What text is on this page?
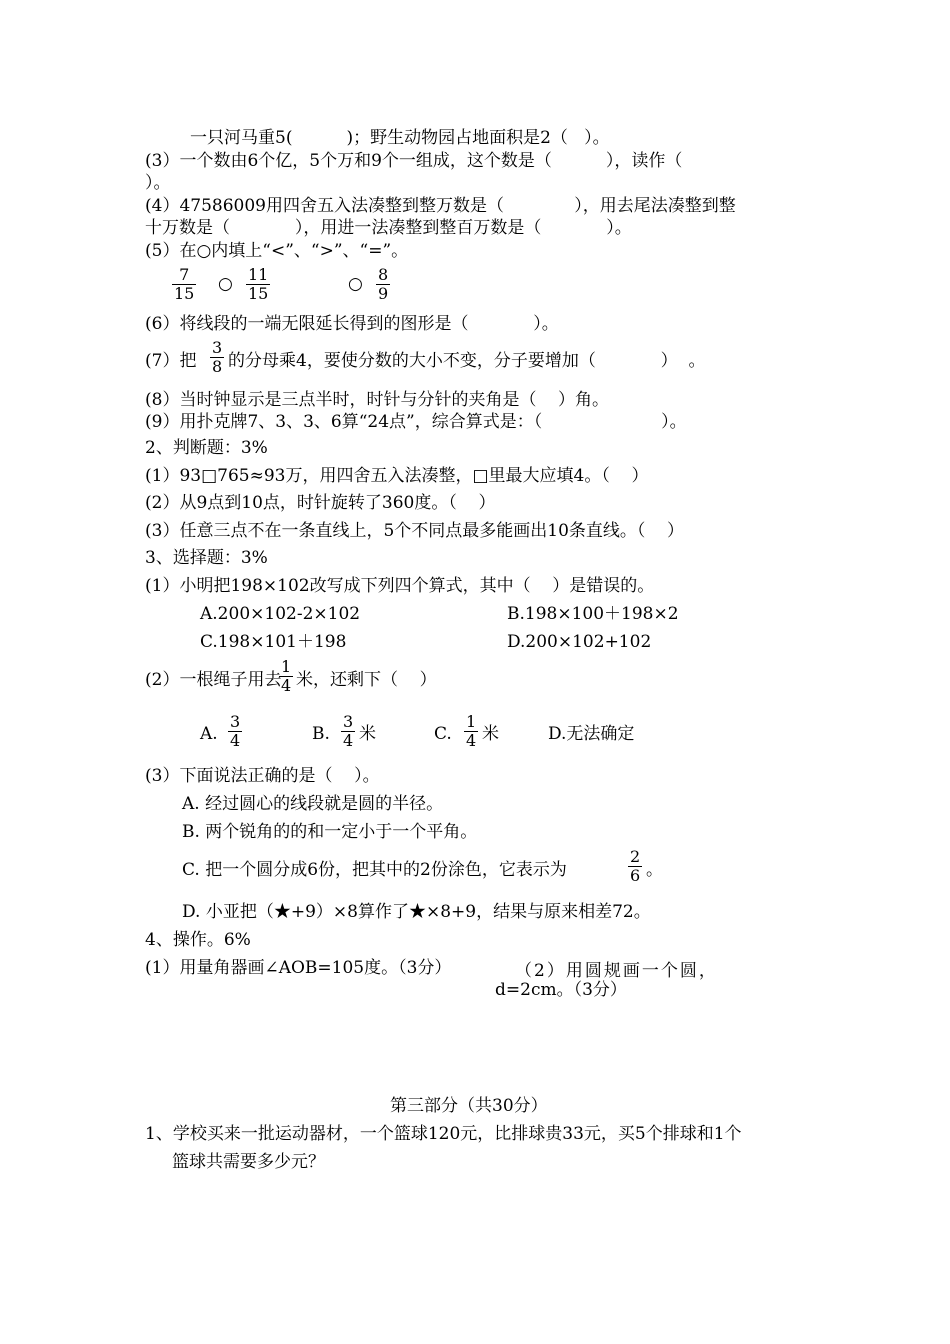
一只河马重5(          )；野生动物园占地面积是2（   ）。
(3）一个数由6个亿，5个万和9个一组成，这个数是（          ），读作（
）。
(4）47586009用四舍五入法凑整到整万数是（             ），用去尾法凑整到整
十万数是（            ），用进一法凑整到整百万数是（            ）。
(5）在○内填上“<”、“>”、“=”。
7
15 ○ 11
15	○ 8
9
(6）将线段的一端无限延长得到的图形是（            ）。
(7）把
3
8 的分母乘4，要使分数的大小不变，分子要增加（            ）  。
(8）当时钟显示是三点半时，时针与分针的夹角是（    ）角。
(9）用扑克牌7、3、3、6算“24点”，综合算式是：（                      ）。
2、判断题：3%
(1）93□765≈93万，用四舍五入法凑整，□里最大应填4。（    ）
(2）从9点到10点，时针旋转了360度。（    ）
(3）任意三点不在一条直线上，5个不同点最多能画出10条直线。（    ）
3、选择题：3%
(1）小明把198×102改写成下列四个算式，其中（    ）是错误的。
A.200×102-2×102	B.198×100＋198×2
C.198×101＋198	D.200×102+102
(2）一根绳子用去
1
4 米，还剩下（    ）
A.
3
4	B.
3
4 米	C.
1
4 米	D.无法确定
(3）下面说法正确的是（    ）。
A. 经过圆心的线段就是圆的半径。
B. 两个锐角的的和一定小于一个平角。
C. 把一个圆分成6份，把其中的2份涂色，它表示为
2
6 。
D. 小亚把（★+9）×8算作了★×8+9，结果与原来相差72。
4、操作。6%
(1）用量角器画∠AOB=105度。（3分）	（2）用圆规画一个圆，
d=2cm。（3分）
第三部分（共30分）
1、学校买来一批运动器材，一个篮球120元，比排球贵33元，买5个排球和1个
篮球共需要多少元？
